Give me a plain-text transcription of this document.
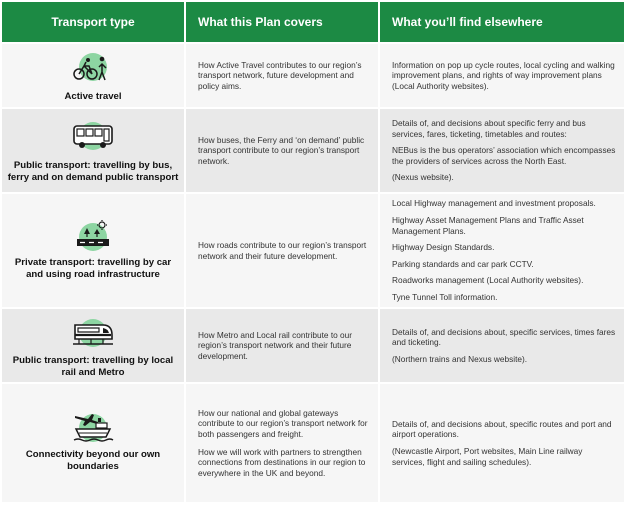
Transport type	What this Plan covers	What you’ll find elsewhere
Active travel

How Active Travel contributes to our region’s transport network, future development and policy aims.

Information on pop up cycle routes, local cycling and walking improvement plans, and rights of way improvement plans (Local Authority websites).

Public transport: travelling by bus, ferry and on demand public transport

How buses, the Ferry and ‘on demand’ public transport contribute to our region’s transport network.

Details of, and decisions about specific ferry and bus services, fares, ticketing, timetables and routes:

NEBus is the bus operators’ association which encompasses the providers of services across the North East.

(Nexus website).

Private transport: travelling by car and using road infrastructure

How roads contribute to our region’s transport network and their future development.

Local Highway management and investment proposals.

Highway Asset Management Plans and Traffic Asset Management Plans.

Highway Design Standards.

Parking standards and car park CCTV.

Roadworks management (Local Authority websites).

Tyne Tunnel Toll information.

Public transport: travelling by local rail and Metro

How Metro and Local rail contribute to our region’s transport network and their future development.

Details of, and decisions about, specific services, times fares and ticketing.

(Northern trains and Nexus website).

Connectivity beyond our own boundaries

How our national and global gateways contribute to our region’s transport network for both passengers and freight.

How we will work with partners to strengthen connections from destinations in our region to everywhere in the UK and beyond.

Details of, and decisions about, specific routes and port and airport operations.

(Newcastle Airport, Port websites, Main Line railway services, flight and sailing schedules).
